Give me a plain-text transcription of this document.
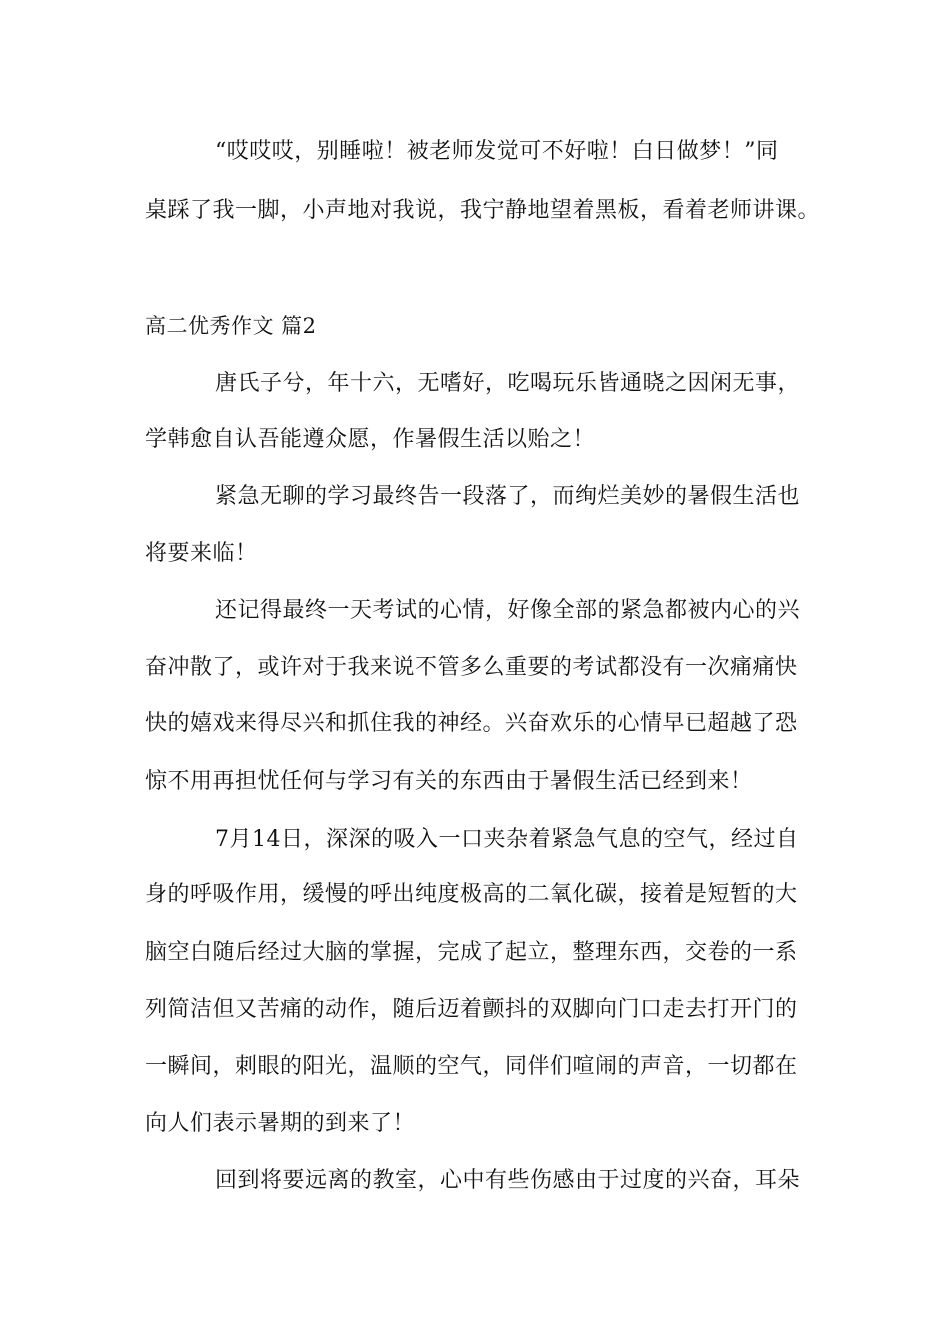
“哎哎哎，别睡啦！被老师发觉可不好啦！白日做梦！”同
桌踩了我一脚，小声地对我说，我宁静地望着黑板，看着老师讲课。
高二优秀作文 篇2
唐氏子兮，年十六，无嗜好，吃喝玩乐皆通晓之因闲无事，
学韩愈自认吾能遵众愿，作暑假生活以贻之！
紧急无聊的学习最终告一段落了，而绚烂美妙的暑假生活也
将要来临！
还记得最终一天考试的心情，好像全部的紧急都被内心的兴
奋冲散了，或许对于我来说不管多么重要的考试都没有一次痛痛快
快的嬉戏来得尽兴和抓住我的神经。兴奋欢乐的心情早已超越了恐
惊不用再担忧任何与学习有关的东西由于暑假生活已经到来！
7月14日，深深的吸入一口夹杂着紧急气息的空气，经过自
身的呼吸作用，缓慢的呼出纯度极高的二氧化碳，接着是短暂的大
脑空白随后经过大脑的掌握，完成了起立，整理东西，交卷的一系
列简洁但又苦痛的动作，随后迈着颤抖的双脚向门口走去打开门的
一瞬间，刺眼的阳光，温顺的空气，同伴们喧闹的声音，一切都在
向人们表示暑期的到来了！
回到将要远离的教室，心中有些伤感由于过度的兴奋，耳朵
